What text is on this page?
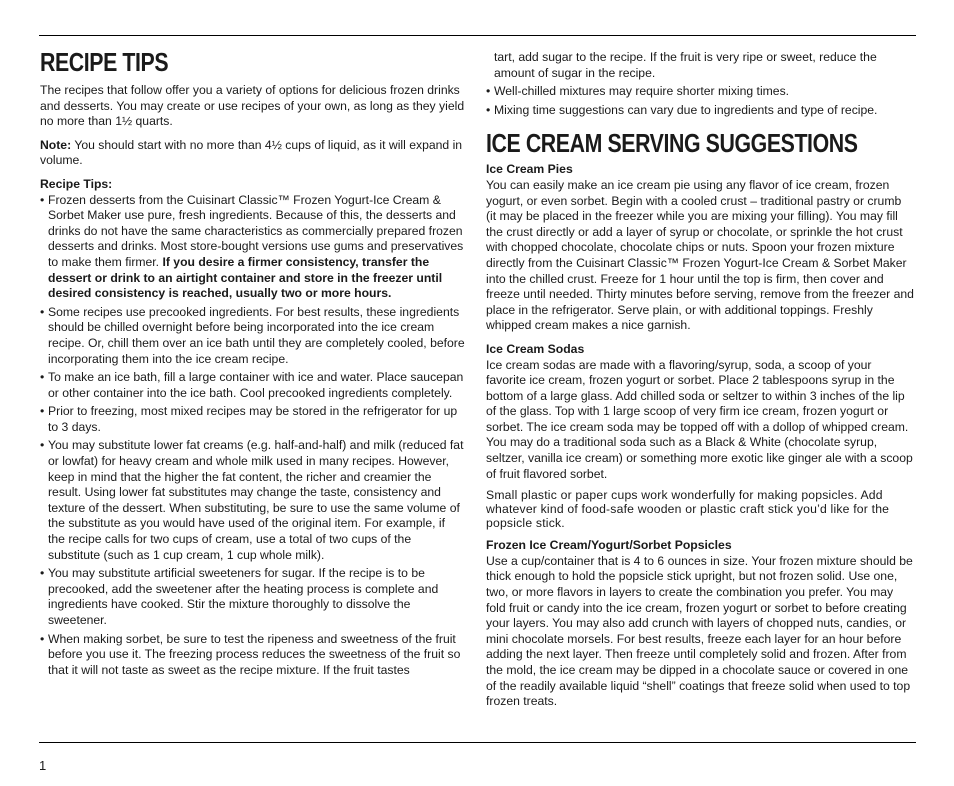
RECIPE TIPS

The recipes that follow offer you a variety of options for delicious frozen drinks and desserts. You may create or use recipes of your own, as long as they yield no more than 1½ quarts.

Note: You should start with no more than 4½ cups of liquid, as it will expand in volume.

Recipe Tips:
• Frozen desserts from the Cuisinart Classic™ Frozen Yogurt-Ice Cream & Sorbet Maker use pure, fresh ingredients. Because of this, the desserts and drinks do not have the same characteristics as commercially prepared frozen desserts and drinks. Most store-bought versions use gums and preservatives to make them firmer. If you desire a firmer consistency, transfer the dessert or drink to an airtight container and store in the freezer until desired consistency is reached, usually two or more hours.
• Some recipes use precooked ingredients. For best results, these ingredients should be chilled overnight before being incorporated into the ice cream recipe. Or, chill them over an ice bath until they are completely cooled, before incorporating them into the ice cream recipe.
• To make an ice bath, fill a large container with ice and water. Place saucepan or other container into the ice bath. Cool precooked ingredients completely.
• Prior to freezing, most mixed recipes may be stored in the refrigerator for up to 3 days.
• You may substitute lower fat creams (e.g. half-and-half) and milk (reduced fat or lowfat) for heavy cream and whole milk used in many recipes. However, keep in mind that the higher the fat content, the richer and creamier the result. Using lower fat substitutes may change the taste, consistency and texture of the dessert. When substituting, be sure to use the same volume of the substitute as you would have used of the original item. For example, if the recipe calls for two cups of cream, use a total of two cups of the substitute (such as 1 cup cream, 1 cup whole milk).
• You may substitute artificial sweeteners for sugar. If the recipe is to be precooked, add the sweetener after the heating process is complete and ingredients have cooked. Stir the mixture thoroughly to dissolve the sweetener.
• When making sorbet, be sure to test the ripeness and sweetness of the fruit before you use it. The freezing process reduces the sweetness of the fruit so that it will not taste as sweet as the recipe mixture. If the fruit tastes

tart, add sugar to the recipe. If the fruit is very ripe or sweet, reduce the amount of sugar in the recipe.

• Well-chilled mixtures may require shorter mixing times.
• Mixing time suggestions can vary due to ingredients and type of recipe.
ICE CREAM SERVING SUGGESTIONS
Ice Cream Pies

You can easily make an ice cream pie using any flavor of ice cream, frozen yogurt, or even sorbet. Begin with a cooled crust – traditional pastry or crumb (it may be placed in the freezer while you are mixing your filling). You may fill the crust directly or add a layer of syrup or chocolate, or sprinkle the hot crust with chopped chocolate, chocolate chips or nuts. Spoon your frozen mixture directly from the Cuisinart Classic™ Frozen Yogurt-Ice Cream & Sorbet Maker into the chilled crust. Freeze for 1 hour until the top is firm, then cover and freeze until needed. Thirty minutes before serving, remove from the freezer and place in the refrigerator. Serve plain, or with additional toppings. Freshly whipped cream makes a nice garnish.

Ice Cream Sodas

Ice cream sodas are made with a flavoring/syrup, soda, a scoop of your favorite ice cream, frozen yogurt or sorbet. Place 2 tablespoons syrup in the bottom of a large glass. Add chilled soda or seltzer to within 3 inches of the lip of the glass. Top with 1 large scoop of very firm ice cream, frozen yogurt or sorbet. The ice cream soda may be topped off with a dollop of whipped cream. You may do a traditional soda such as a Black & White (chocolate syrup, seltzer, vanilla ice cream) or something more exotic like ginger ale with a scoop of fruit flavored sorbet.

Small plastic or paper cups work wonderfully for making popsicles. Add whatever kind of food-safe wooden or plastic craft stick you’d like for the popsicle stick.

Frozen Ice Cream/Yogurt/Sorbet Popsicles

Use a cup/container that is 4 to 6 ounces in size. Your frozen mixture should be thick enough to hold the popsicle stick upright, but not frozen solid. Use one, two, or more flavors in layers to create the combination you prefer. You may fold fruit or candy into the ice cream, frozen yogurt or sorbet to before creating your layers. You may also add crunch with layers of chopped nuts, candies, or mini chocolate morsels. For best results, freeze each layer for an hour before adding the next layer. Then freeze until completely solid and frozen. After from the mold, the ice cream may be dipped in a chocolate sauce or covered in one of the readily available liquid “shell” coatings that freeze solid when used to top frozen treats.

1
